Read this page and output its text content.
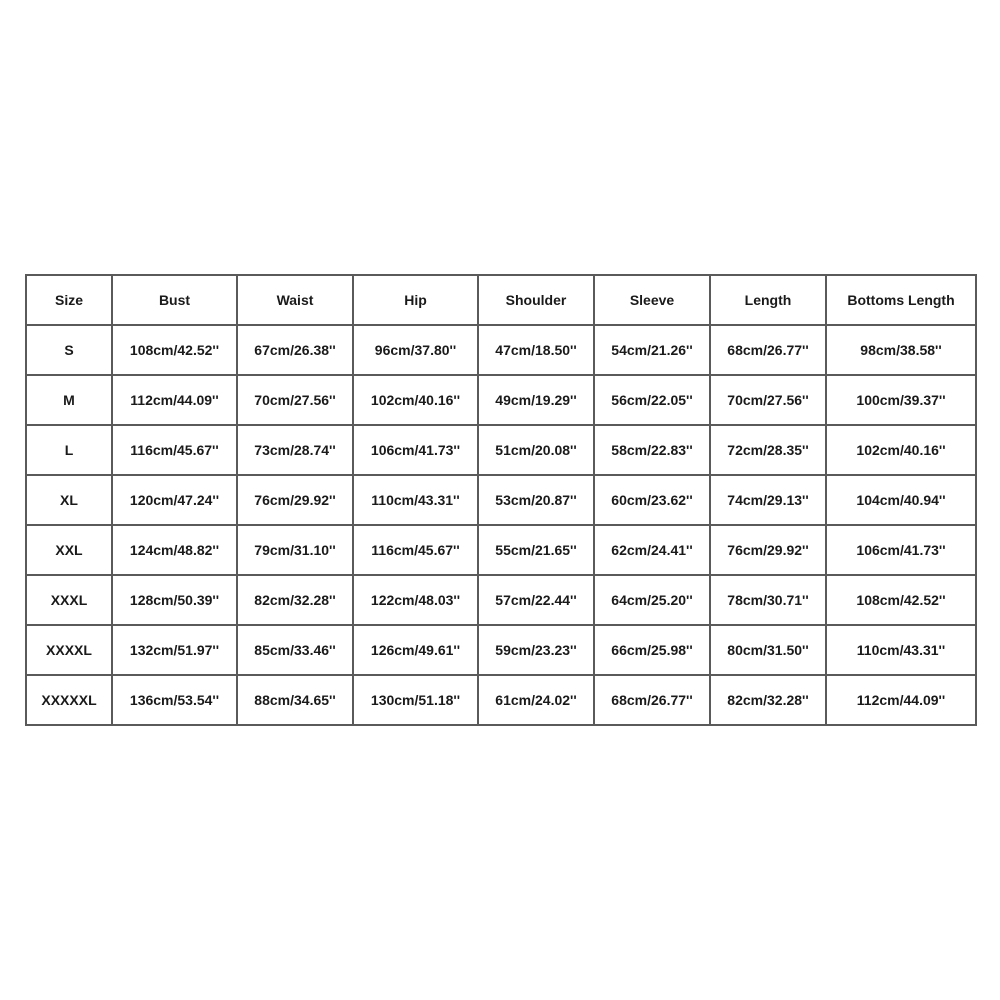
Size	Bust	Waist	Hip	Shoulder	Sleeve	Length	Bottoms Length
S	108cm/42.52''	67cm/26.38''	96cm/37.80''	47cm/18.50''	54cm/21.26''	68cm/26.77''	98cm/38.58''
M	112cm/44.09''	70cm/27.56''	102cm/40.16''	49cm/19.29''	56cm/22.05''	70cm/27.56''	100cm/39.37''
L	116cm/45.67''	73cm/28.74''	106cm/41.73''	51cm/20.08''	58cm/22.83''	72cm/28.35''	102cm/40.16''
XL	120cm/47.24''	76cm/29.92''	110cm/43.31''	53cm/20.87''	60cm/23.62''	74cm/29.13''	104cm/40.94''
XXL	124cm/48.82''	79cm/31.10''	116cm/45.67''	55cm/21.65''	62cm/24.41''	76cm/29.92''	106cm/41.73''
XXXL	128cm/50.39''	82cm/32.28''	122cm/48.03''	57cm/22.44''	64cm/25.20''	78cm/30.71''	108cm/42.52''
XXXXL	132cm/51.97''	85cm/33.46''	126cm/49.61''	59cm/23.23''	66cm/25.98''	80cm/31.50''	110cm/43.31''
XXXXXL	136cm/53.54''	88cm/34.65''	130cm/51.18''	61cm/24.02''	68cm/26.77''	82cm/32.28''	112cm/44.09''
